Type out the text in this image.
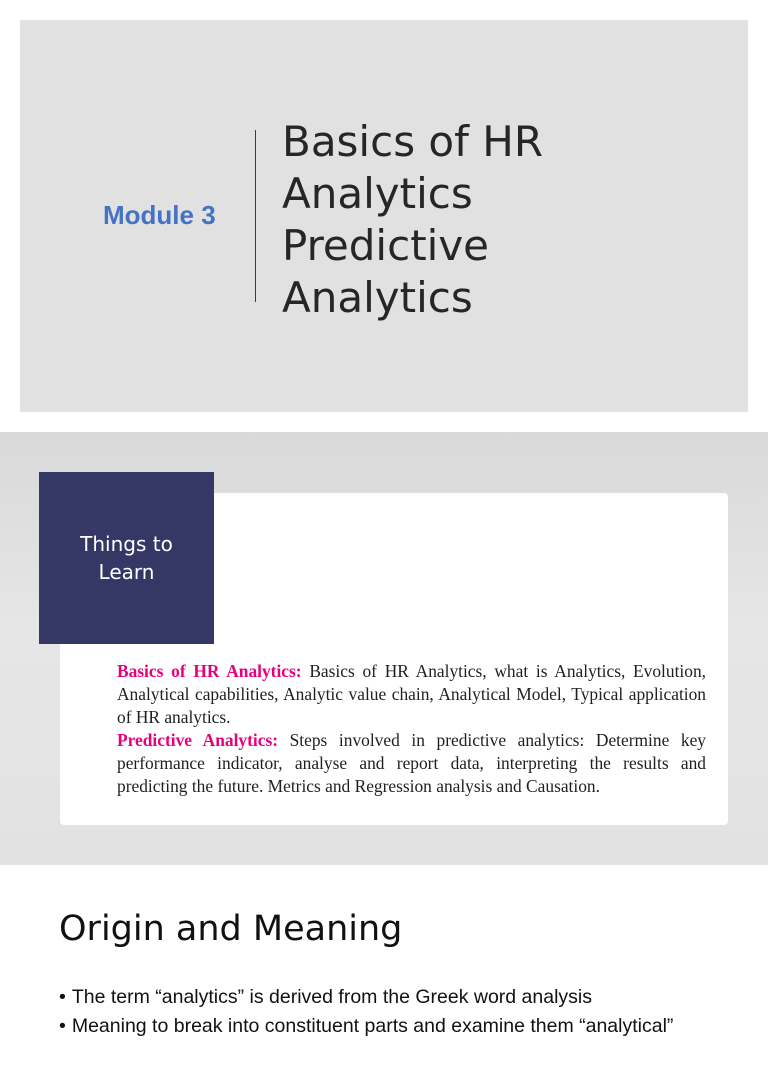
Module 3
Basics of HR
Analytics
Predictive
Analytics
Things to Learn

Basics of HR Analytics: Basics of HR Analytics, what is Analytics, Evolution, Analytical capabilities, Analytic value chain, Analytical Model, Typical application of HR analytics.

Predictive Analytics: Steps involved in predictive analytics: Determine key performance indicator, analyse and report data, interpreting the results and predicting the future. Metrics and Regression analysis and Causation.

Origin and Meaning
• The term “analytics” is derived from the Greek word analysis
• Meaning to break into constituent parts and examine them “analytical”
